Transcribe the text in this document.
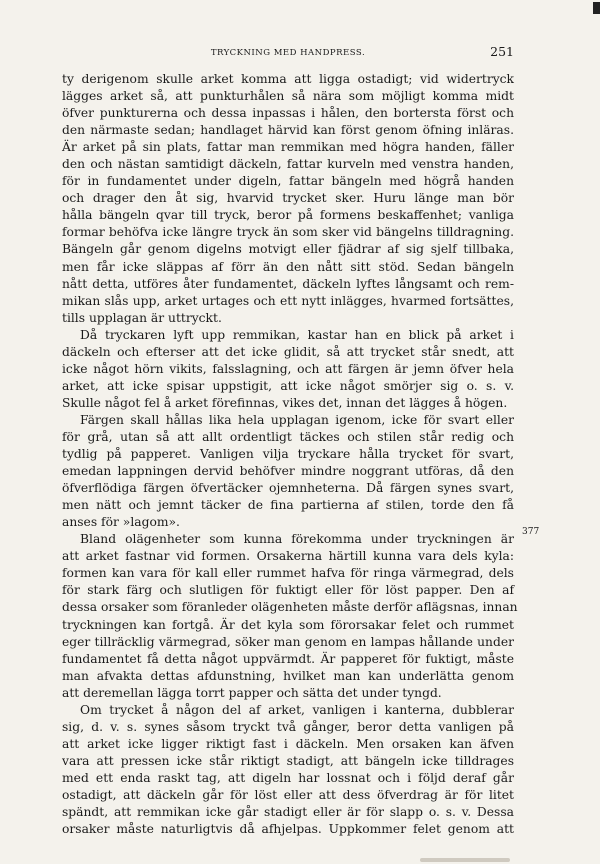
TRYCKNING MED HANDPRESS.	251
ty derigenom skulle arket komma att ligga ostadigt; vid widertryck
lägges arket så, att punkturhålen så nära som möjligt komma midt
öfver punkturerna och dessa inpassas i hålen, den bortersta först och
den närmaste sedan; handlaget härvid kan först genom öfning inläras.
Är arket på sin plats, fattar man remmikan med högra handen, fäller
den och nästan samtidigt däckeln, fattar kurveln med venstra handen,
för in fundamentet under digeln, fattar bängeln med högrå handen
och drager den åt sig, hvarvid trycket sker. Huru länge man bör
hålla bängeln qvar till tryck, beror på formens beskaffenhet; vanliga
formar behöfva icke längre tryck än som sker vid bängelns tilldragning.
Bängeln går genom digelns motvigt eller fjädrar af sig sjelf tillbaka,
men får icke släppas af förr än den nått sitt stöd. Sedan bängeln
nått detta, utföres åter fundamentet, däckeln lyftes långsamt och rem-
mikan slås upp, arket urtages och ett nytt inlägges, hvarmed fortsättes,
tills upplagan är uttryckt.
Då tryckaren lyft upp remmikan, kastar han en blick på arket i
däckeln och efterser att det icke glidit, så att trycket står snedt, att
icke något hörn vikits, falsslagning, och att färgen är jemn öfver hela
arket, att icke spisar uppstigit, att icke något smörjer sig o. s. v.
Skulle något fel å arket förefinnas, vikes det, innan det lägges å högen.
Färgen skall hållas lika hela upplagan igenom, icke för svart eller
för grå, utan så att allt ordentligt täckes och stilen står redig och
tydlig på papperet. Vanligen vilja tryckare hålla trycket för svart,
emedan lappningen dervid behöfver mindre noggrant utföras, då den
öfverflödiga färgen öfvertäcker ojemnheterna. Då färgen synes svart,
men nätt och jemnt täcker de fina partierna af stilen, torde den få
anses för »lagom».
Bland olägenheter som kunna förekomma under tryckningen är
att arket fastnar vid formen. Orsakerna härtill kunna vara dels kyla:
formen kan vara för kall eller rummet hafva för ringa värmegrad, dels
för stark färg och slutligen för fuktigt eller för löst papper. Den af
dessa orsaker som föranleder olägenheten måste derför aflägsnas, innan
tryckningen kan fortgå. Är det kyla som förorsakar felet och rummet
eger tillräcklig värmegrad, söker man genom en lampas hållande under
fundamentet få detta något uppvärmdt. Är papperet för fuktigt, måste
man afvakta dettas afdunstning, hvilket man kan underlätta genom
att deremellan lägga torrt papper och sätta det under tyngd.
Om trycket å någon del af arket, vanligen i kanterna, dubblerar
sig, d. v. s. synes såsom tryckt två gånger, beror detta vanligen på
att arket icke ligger riktigt fast i däckeln. Men orsaken kan äfven
vara att pressen icke står riktigt stadigt, att bängeln icke tilldrages
med ett enda raskt tag, att digeln har lossnat och i följd deraf går
ostadigt, att däckeln går för löst eller att dess öfverdrag är för litet
spändt, att remmikan icke går stadigt eller är för slapp o. s. v. Dessa
orsaker måste naturligtvis då afhjelpas. Uppkommer felet genom att
377
